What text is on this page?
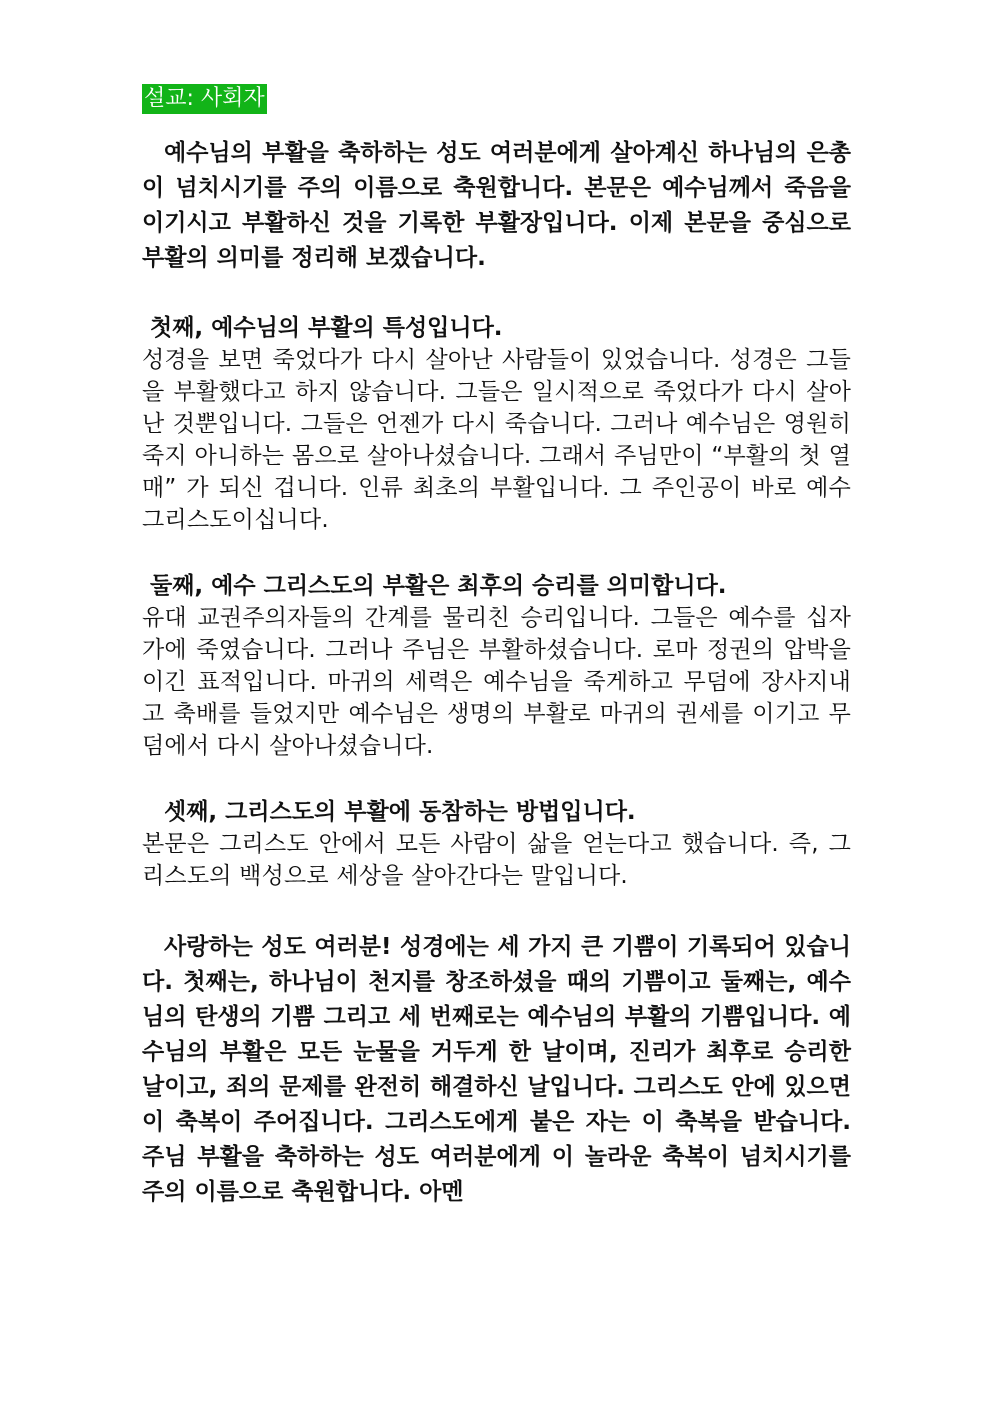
설교: 사회자

예수님의 부활을 축하하는 성도 여러분에게 살아계신 하나님의 은총이 넘치시기를 주의 이름으로 축원합니다. 본문은 예수님께서 죽음을 이기시고 부활하신 것을 기록한 부활장입니다. 이제 본문을 중심으로 부활의 의미를 정리해 보겠습니다.

첫째, 예수님의 부활의 특성입니다.

성경을 보면 죽었다가 다시 살아난 사람들이 있었습니다. 성경은 그들을 부활했다고 하지 않습니다. 그들은 일시적으로 죽었다가 다시 살아난 것뿐입니다. 그들은 언젠가 다시 죽습니다. 그러나 예수님은 영원히 죽지 아니하는 몸으로 살아나셨습니다. 그래서 주님만이 “부활의 첫 열매” 가 되신 겁니다. 인류 최초의 부활입니다. 그 주인공이 바로 예수 그리스도이십니다.

둘째, 예수 그리스도의 부활은 최후의 승리를 의미합니다.

유대 교권주의자들의 간계를 물리친 승리입니다. 그들은 예수를 십자가에 죽였습니다. 그러나 주님은 부활하셨습니다. 로마 정권의 압박을 이긴 표적입니다. 마귀의 세력은 예수님을 죽게하고 무덤에 장사지내고 축배를 들었지만 예수님은 생명의 부활로 마귀의 권세를 이기고 무덤에서 다시 살아나셨습니다.

셋째, 그리스도의 부활에 동참하는 방법입니다.

본문은 그리스도 안에서 모든 사람이 삶을 얻는다고 했습니다. 즉, 그리스도의 백성으로 세상을 살아간다는 말입니다.

사랑하는 성도 여러분! 성경에는 세 가지 큰 기쁨이 기록되어 있습니다. 첫째는, 하나님이 천지를 창조하셨을 때의 기쁨이고 둘째는, 예수님의 탄생의 기쁨 그리고 세 번째로는 예수님의 부활의 기쁨입니다. 예수님의 부활은 모든 눈물을 거두게 한 날이며, 진리가 최후로 승리한 날이고, 죄의 문제를 완전히 해결하신 날입니다. 그리스도 안에 있으면 이 축복이 주어집니다. 그리스도에게 붙은 자는 이 축복을 받습니다. 주님 부활을 축하하는 성도 여러분에게 이 놀라운 축복이 넘치시기를 주의 이름으로 축원합니다. 아멘
